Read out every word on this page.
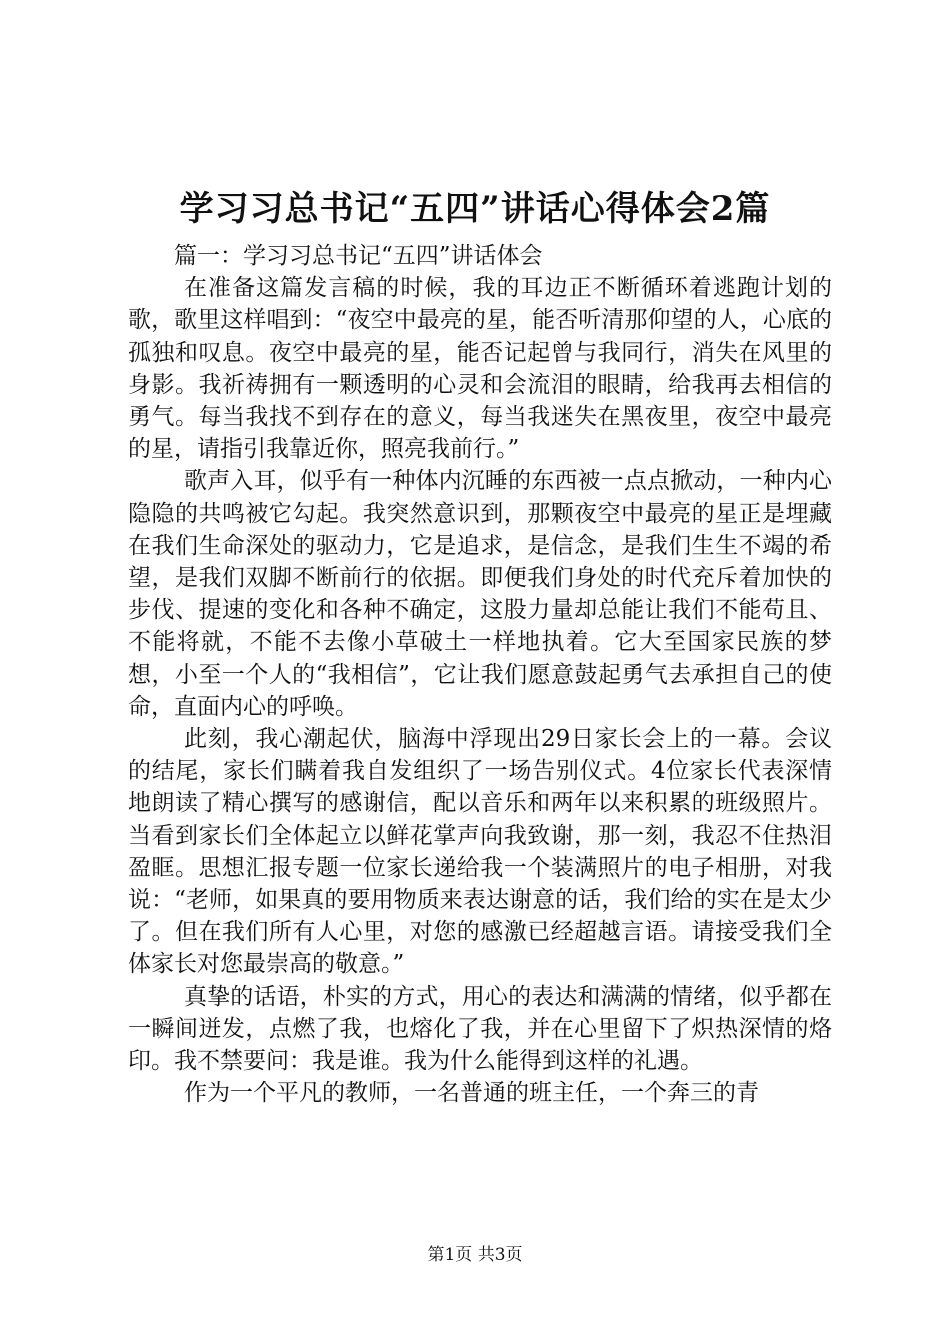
学习习总书记“五四”讲话心得体会2篇

篇一：学习习总书记“五四”讲话体会

在准备这篇发言稿的时候，我的耳边正不断循环着逃跑计划的歌，歌里这样唱到：“夜空中最亮的星，能否听清那仰望的人，心底的孤独和叹息。夜空中最亮的星，能否记起曾与我同行，消失在风里的身影。我祈祷拥有一颗透明的心灵和会流泪的眼睛，给我再去相信的勇气。每当我找不到存在的意义，每当我迷失在黑夜里，夜空中最亮的星，请指引我靠近你，照亮我前行。”

歌声入耳，似乎有一种体内沉睡的东西被一点点掀动，一种内心隐隐的共鸣被它勾起。我突然意识到，那颗夜空中最亮的星正是埋藏在我们生命深处的驱动力，它是追求，是信念，是我们生生不竭的希望，是我们双脚不断前行的依据。即便我们身处的时代充斥着加快的步伐、提速的变化和各种不确定，这股力量却总能让我们不能苟且、不能将就，不能不去像小草破土一样地执着。它大至国家民族的梦想，小至一个人的“我相信”，它让我们愿意鼓起勇气去承担自己的使命，直面内心的呼唤。

此刻，我心潮起伏，脑海中浮现出29日家长会上的一幕。会议的结尾，家长们瞒着我自发组织了一场告别仪式。4位家长代表深情地朗读了精心撰写的感谢信，配以音乐和两年以来积累的班级照片。当看到家长们全体起立以鲜花掌声向我致谢，那一刻，我忍不住热泪盈眶。思想汇报专题一位家长递给我一个装满照片的电子相册，对我说：“老师，如果真的要用物质来表达谢意的话，我们给的实在是太少了。但在我们所有人心里，对您的感激已经超越言语。请接受我们全体家长对您最崇高的敬意。”

真挚的话语，朴实的方式，用心的表达和满满的情绪，似乎都在一瞬间迸发，点燃了我，也熔化了我，并在心里留下了炽热深情的烙印。我不禁要问：我是谁。我为什么能得到这样的礼遇。

作为一个平凡的教师，一名普通的班主任，一个奔三的青

第1页 共3页
